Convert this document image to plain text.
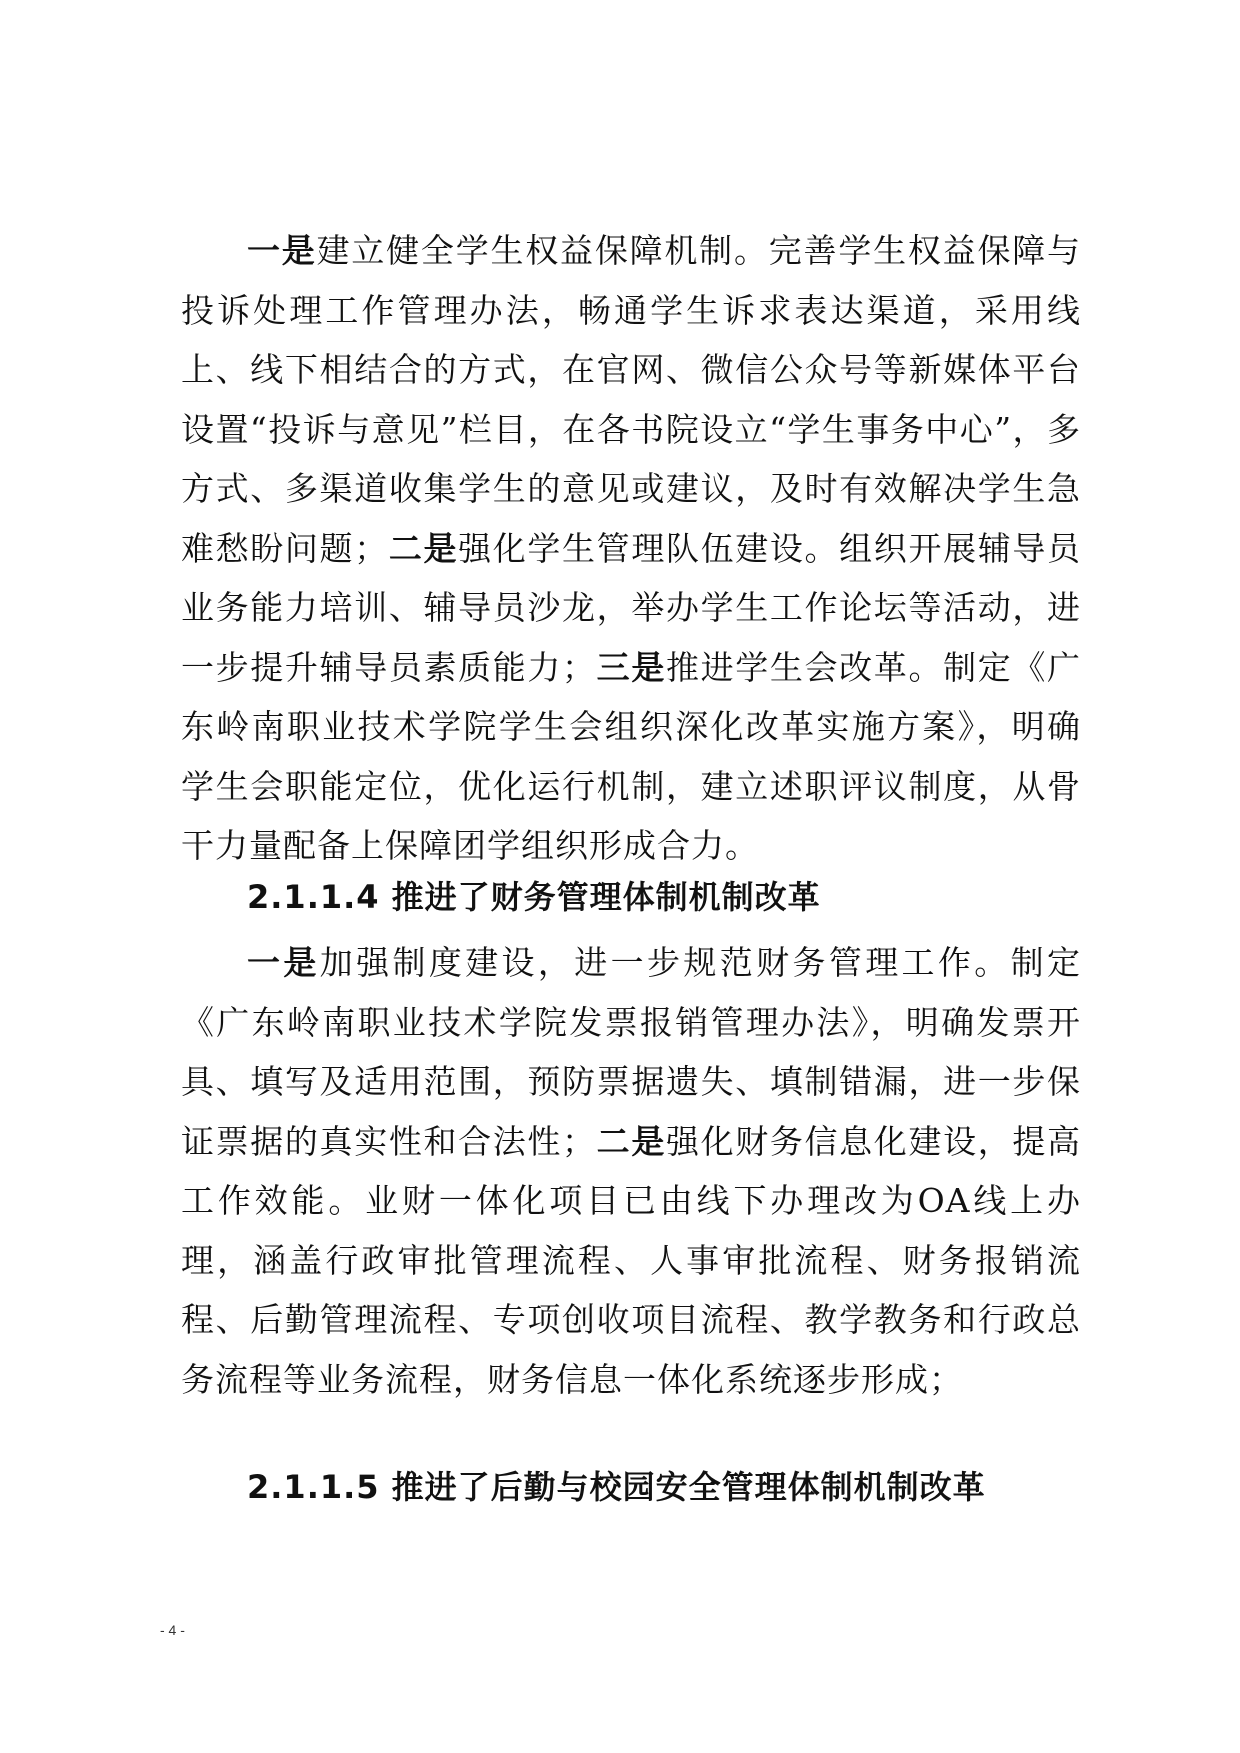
一是建立健全学生权益保障机制。完善学生权益保障与投诉处理工作管理办法，畅通学生诉求表达渠道，采用线上、线下相结合的方式，在官网、微信公众号等新媒体平台设置“投诉与意见”栏目，在各书院设立“学生事务中心”，多方式、多渠道收集学生的意见或建议，及时有效解决学生急难愁盼问题；二是强化学生管理队伍建设。组织开展辅导员业务能力培训、辅导员沙龙，举办学生工作论坛等活动，进一步提升辅导员素质能力；三是推进学生会改革。制定《广东岭南职业技术学院学生会组织深化改革实施方案》，明确学生会职能定位，优化运行机制，建立述职评议制度，从骨干力量配备上保障团学组织形成合力。

2.1.1.4 推进了财务管理体制机制改革

一是加强制度建设，进一步规范财务管理工作。制定《广东岭南职业技术学院发票报销管理办法》，明确发票开具、填写及适用范围，预防票据遗失、填制错漏，进一步保证票据的真实性和合法性；二是强化财务信息化建设，提高工作效能。业财一体化项目已由线下办理改为OA线上办理，涵盖行政审批管理流程、人事审批流程、财务报销流程、后勤管理流程、专项创收项目流程、教学教务和行政总务流程等业务流程，财务信息一体化系统逐步形成；

2.1.1.5 推进了后勤与校园安全管理体制机制改革
- 4 -
